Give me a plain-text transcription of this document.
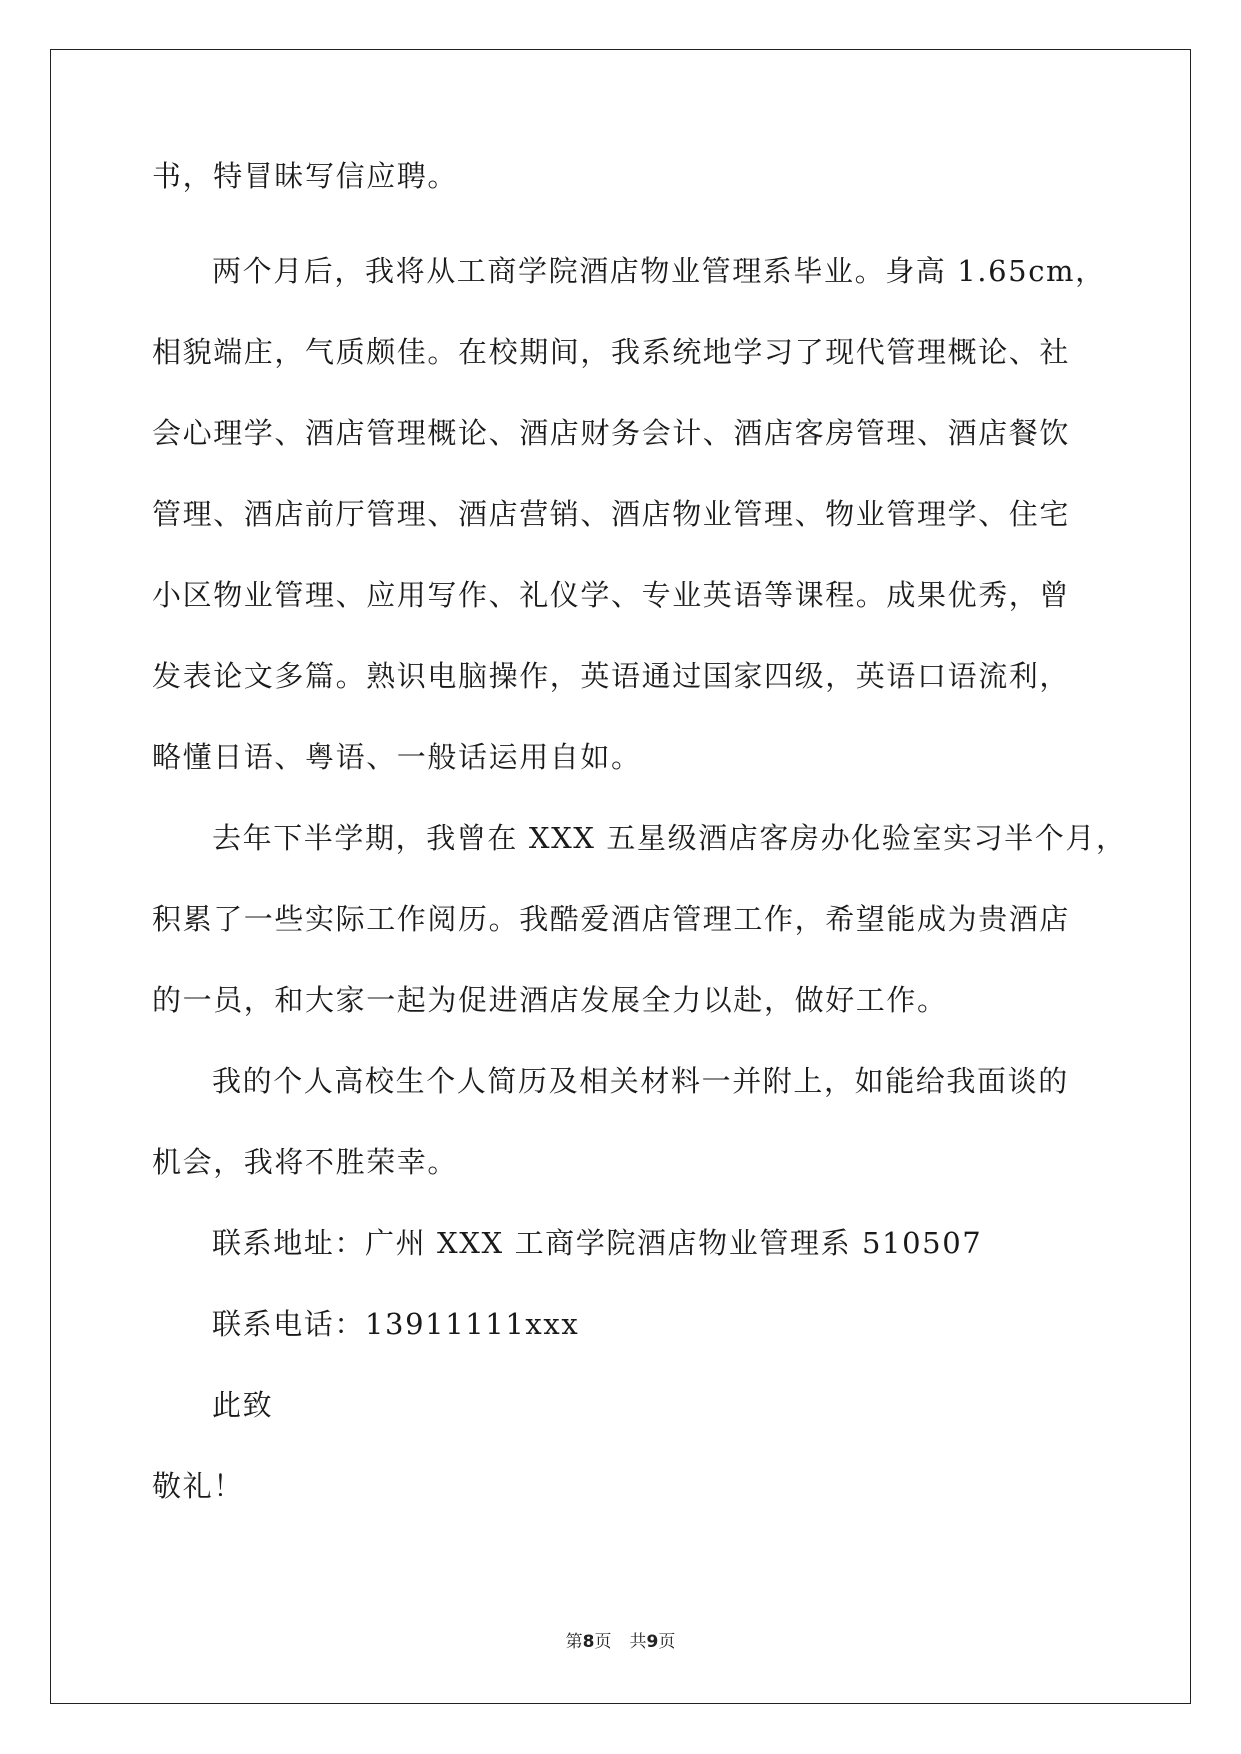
书，特冒昧写信应聘。
两个月后，我将从工商学院酒店物业管理系毕业。身高 1.65cm，
相貌端庄，气质颇佳。在校期间，我系统地学习了现代管理概论、社
会心理学、酒店管理概论、酒店财务会计、酒店客房管理、酒店餐饮
管理、酒店前厅管理、酒店营销、酒店物业管理、物业管理学、住宅
小区物业管理、应用写作、礼仪学、专业英语等课程。成果优秀，曾
发表论文多篇。熟识电脑操作，英语通过国家四级，英语口语流利，
略懂日语、粤语、一般话运用自如。
去年下半学期，我曾在 XXX 五星级酒店客房办化验室实习半个月，
积累了一些实际工作阅历。我酷爱酒店管理工作，希望能成为贵酒店
的一员，和大家一起为促进酒店发展全力以赴，做好工作。
我的个人高校生个人简历及相关材料一并附上，如能给我面谈的
机会，我将不胜荣幸。
联系地址：广州 XXX 工商学院酒店物业管理系 510507
联系电话：13911111xxx
此致
敬礼！
第8页 共9页
